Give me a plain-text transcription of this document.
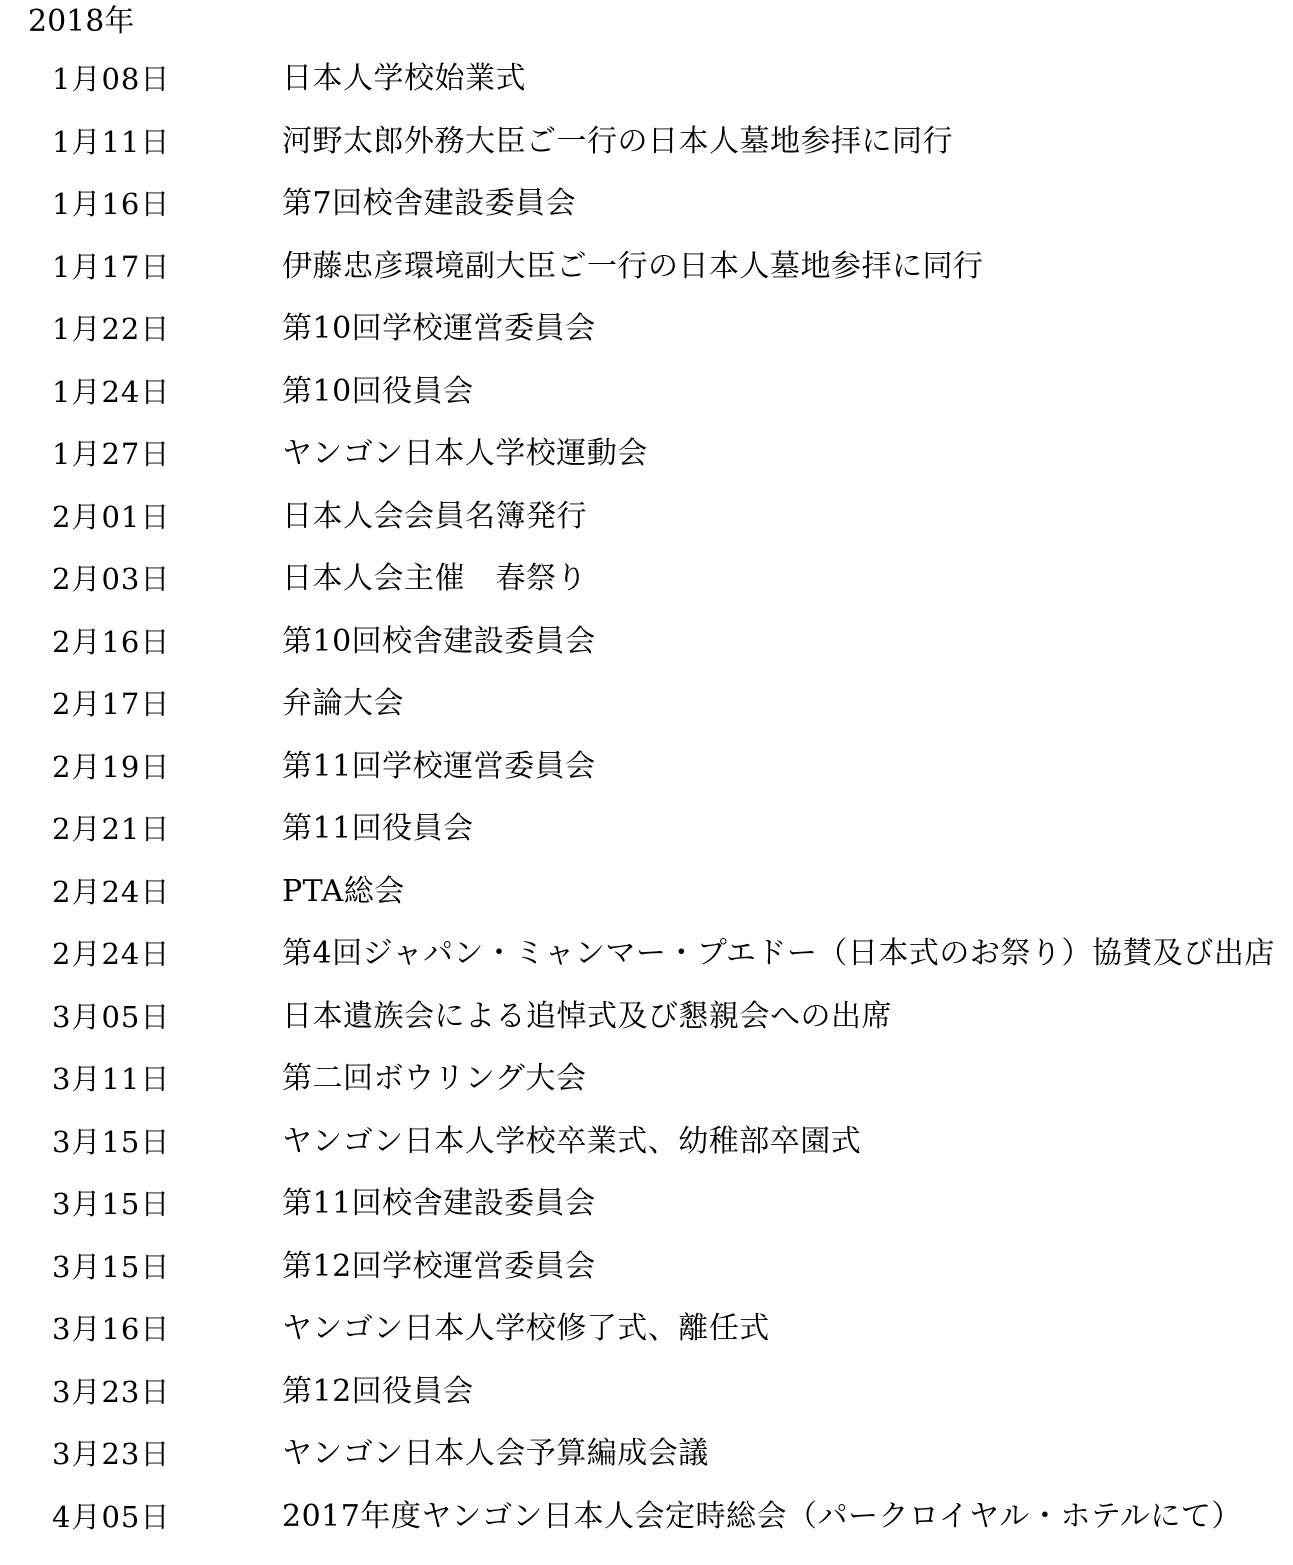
2018年
1月08日	日本人学校始業式
1月11日	河野太郎外務大臣ご一行の日本人墓地参拝に同行
1月16日	第7回校舎建設委員会
1月17日	伊藤忠彦環境副大臣ご一行の日本人墓地参拝に同行
1月22日	第10回学校運営委員会
1月24日	第10回役員会
1月27日	ヤンゴン日本人学校運動会
2月01日	日本人会会員名簿発行
2月03日	日本人会主催　春祭り
2月16日	第10回校舎建設委員会
2月17日	弁論大会
2月19日	第11回学校運営委員会
2月21日	第11回役員会
2月24日	PTA総会
2月24日	第4回ジャパン・ミャンマー・プエドー（日本式のお祭り）協賛及び出店
3月05日	日本遺族会による追悼式及び懇親会への出席
3月11日	第二回ボウリング大会
3月15日	ヤンゴン日本人学校卒業式、幼稚部卒園式
3月15日	第11回校舎建設委員会
3月15日	第12回学校運営委員会
3月16日	ヤンゴン日本人学校修了式、離任式
3月23日	第12回役員会
3月23日	ヤンゴン日本人会予算編成会議
4月05日	2017年度ヤンゴン日本人会定時総会（パークロイヤル・ホテルにて）
